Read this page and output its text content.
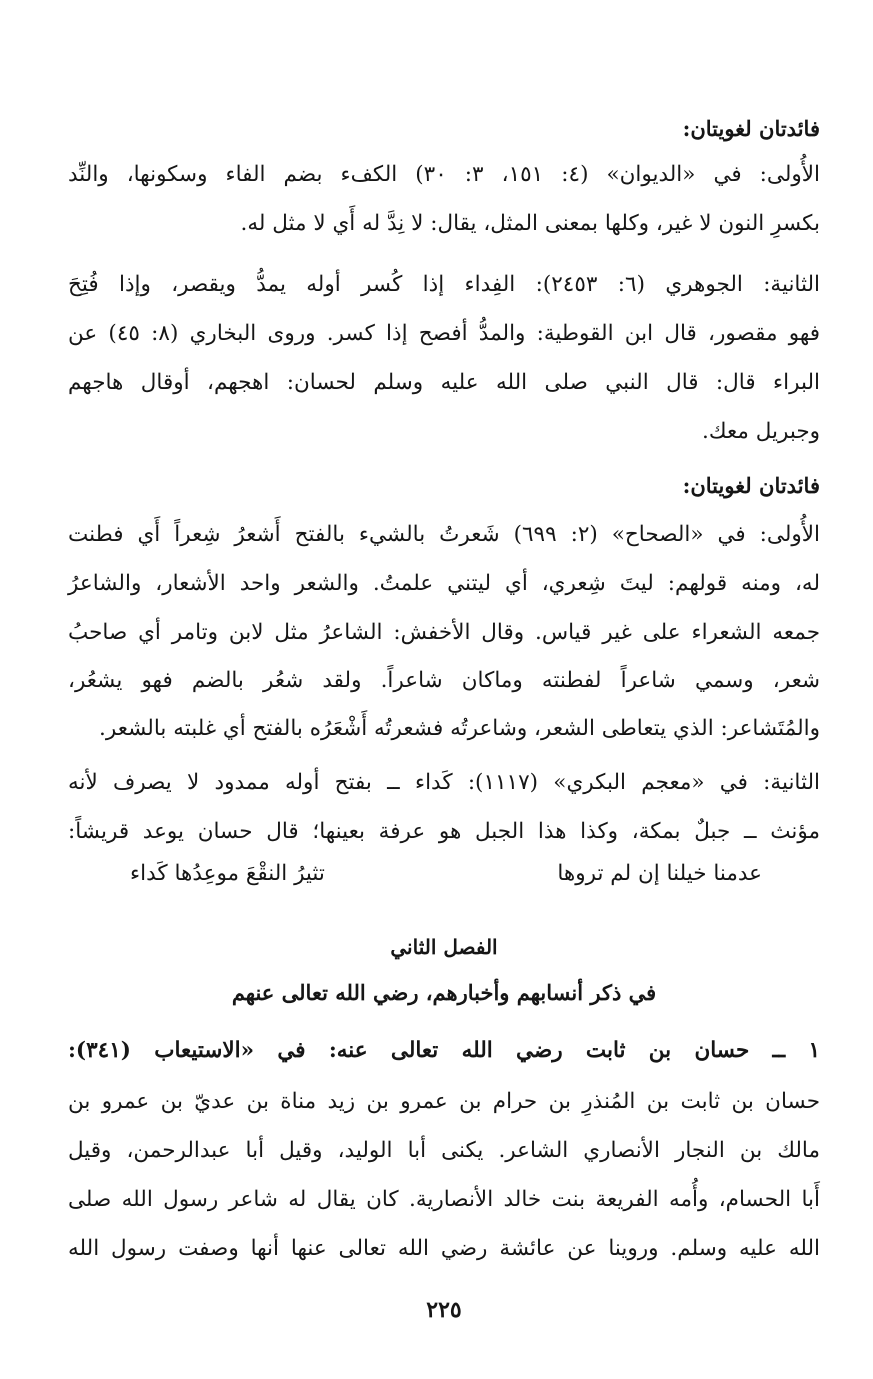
فائدتان لغويتان:
الأُولى: في «الديوان» (٤: ١٥١، ٣: ٣٠) الكفء بضم الفاء وسكونها، والنِّد
بكسرِ النون لا غير، وكلها بمعنى المثل، يقال: لا نِدَّ له أَي لا مثل له.
الثانية: الجوهري (٦: ٢٤٥٣): الفِداء إذا كُسر أوله يمدُّ ويقصر، وإذا فُتِحَ
فهو مقصور، قال ابن القوطية: والمدُّ أفصح إذا كسر. وروى البخاري (٨: ٤٥) عن
البراء قال: قال النبي صلى الله عليه وسلم لحسان: اهجهم، أوقال هاجهم
وجبريل معك.
فائدتان لغويتان:
الأُولى: في «الصحاح» (٢: ٦٩٩) شَعرتُ بالشيء بالفتح أَشعرُ شِعراً أَي فطنت
له، ومنه قولهم: ليتَ شِعري، أي ليتني علمتُ. والشعر واحد الأشعار، والشاعرُ
جمعه الشعراء على غير قياس. وقال الأخفش: الشاعرُ مثل لابن وتامر أي صاحبُ
شعر، وسمي شاعراً لفطنته وماكان شاعراً. ولقد شعُر بالضم فهو يشعُر،
والمُتَشاعر: الذي يتعاطى الشعر، وشاعرتُه فشعرتُه أَشْعَرُه بالفتح أي غلبته بالشعر.
الثانية: في «معجم البكري» (١١١٧): كَداء ــ بفتح أوله ممدود لا يصرف لأنه
مؤنث ــ جبلٌ بمكة، وكذا هذا الجبل هو عرفة بعينها؛ قال حسان يوعد قريشاً:
عدمنا خيلنا إن لم تروها
تثيرُ النقْعَ موعِدُها كَداء
الفصل الثاني
في ذكر أنسابهم وأخبارهم، رضي الله تعالى عنهم
١ ــ حسان بن ثابت رضي الله تعالى عنه: في «الاستيعاب (٣٤١):
حسان بن ثابت بن المُنذرِ بن حرام بن عمرو بن زيد مناة بن عديّ بن عمرو بن
مالك بن النجار الأنصاري الشاعر. يكنى أبا الوليد، وقيل أبا عبدالرحمن، وقيل
أَبا الحسام، وأُمه الفريعة بنت خالد الأنصارية. كان يقال له شاعر رسول الله صلى
الله عليه وسلم. وروينا عن عائشة رضي الله تعالى عنها أنها وصفت رسول الله
٢٢٥
